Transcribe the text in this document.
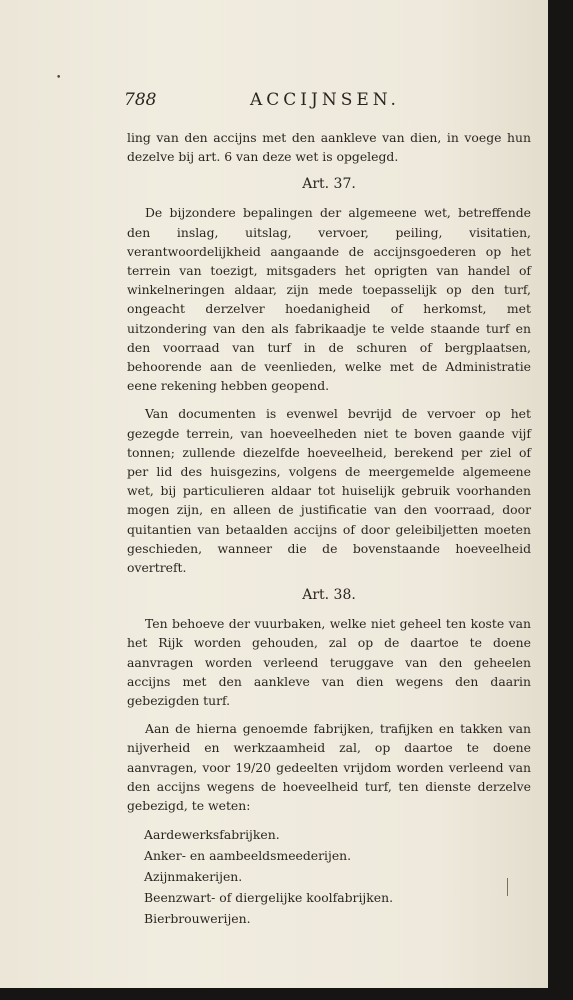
•
788	ACCIJNSEN.

ling van den accijns met den aankleve van dien, in voege hun dezelve bij art. 6 van deze wet is opgelegd.

Art. 37.

De bijzondere bepalingen der algemeene wet, betreffende den inslag, uitslag, vervoer, peiling, visitatien, verantwoordelijkheid aangaande de accijnsgoederen op het terrein van toezigt, mitsgaders het oprigten van handel of winkelneringen aldaar, zijn mede toepasselijk op den turf, ongeacht derzelver hoedanigheid of herkomst, met uitzondering van den als fabrikaadje te velde staande turf en den voorraad van turf in de schuren of bergplaatsen, behoorende aan de veenlieden, welke met de Administratie eene rekening hebben geopend.

Van documenten is evenwel bevrijd de vervoer op het gezegde terrein, van hoeveelheden niet te boven gaande vijf tonnen; zullende diezelfde hoeveelheid, berekend per ziel of per lid des huisgezins, volgens de meergemelde algemeene wet, bij particulieren aldaar tot huiselijk gebruik voorhanden mogen zijn, en alleen de justificatie van den voorraad, door quitantien van betaalden accijns of door geleibiljetten moeten geschieden, wanneer die de bovenstaande hoeveelheid overtreft.

Art. 38.

Ten behoeve der vuurbaken, welke niet geheel ten koste van het Rijk worden gehouden, zal op de daartoe te doene aanvragen worden verleend teruggave van den geheelen accijns met den aankleve van dien wegens den daarin gebezigden turf.

Aan de hierna genoemde fabrijken, trafijken en takken van nijverheid en werkzaamheid zal, op daartoe te doene aanvragen, voor 19/20 gedeelten vrijdom worden verleend van den accijns wegens de hoeveelheid turf, ten dienste derzelve gebezigd, te weten:

Aardewerksfabrijken.
Anker- en aambeeldsmeederijen.
Azijnmakerijen.
Beenzwart- of diergelijke koolfabrijken.
Bierbrouwerijen.
